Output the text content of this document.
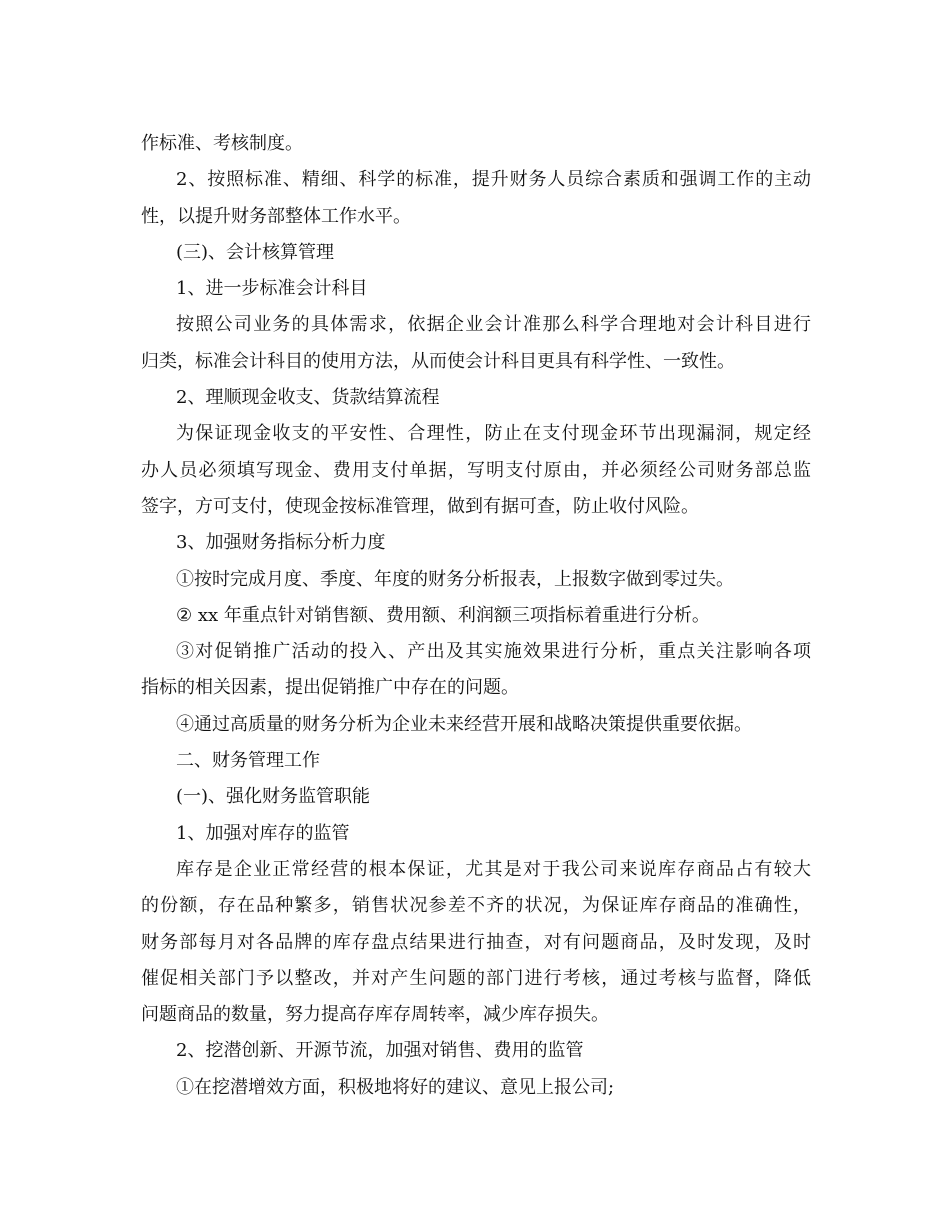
作标准、考核制度。

2、按照标准、精细、科学的标准，提升财务人员综合素质和强调工作的主动

性，以提升财务部整体工作水平。

(三)、会计核算管理

1、进一步标准会计科目

按照公司业务的具体需求，依据企业会计准那么科学合理地对会计科目进行

归类，标准会计科目的使用方法，从而使会计科目更具有科学性、一致性。

2、理顺现金收支、货款结算流程

为保证现金收支的平安性、合理性，防止在支付现金环节出现漏洞，规定经

办人员必须填写现金、费用支付单据，写明支付原由，并必须经公司财务部总监

签字，方可支付，使现金按标准管理，做到有据可查，防止收付风险。

3、加强财务指标分析力度

①按时完成月度、季度、年度的财务分析报表，上报数字做到零过失。

② xx 年重点针对销售额、费用额、利润额三项指标着重进行分析。

③对促销推广活动的投入、产出及其实施效果进行分析，重点关注影响各项

指标的相关因素，提出促销推广中存在的问题。

④通过高质量的财务分析为企业未来经营开展和战略决策提供重要依据。

二、财务管理工作

(一)、强化财务监管职能

1、加强对库存的监管

库存是企业正常经营的根本保证，尤其是对于我公司来说库存商品占有较大

的份额，存在品种繁多，销售状况参差不齐的状况，为保证库存商品的准确性，

财务部每月对各品牌的库存盘点结果进行抽查，对有问题商品，及时发现，及时

催促相关部门予以整改，并对产生问题的部门进行考核，通过考核与监督，降低

问题商品的数量，努力提高存库存周转率，减少库存损失。

2、挖潜创新、开源节流，加强对销售、费用的监管

①在挖潜增效方面，积极地将好的建议、意见上报公司;
